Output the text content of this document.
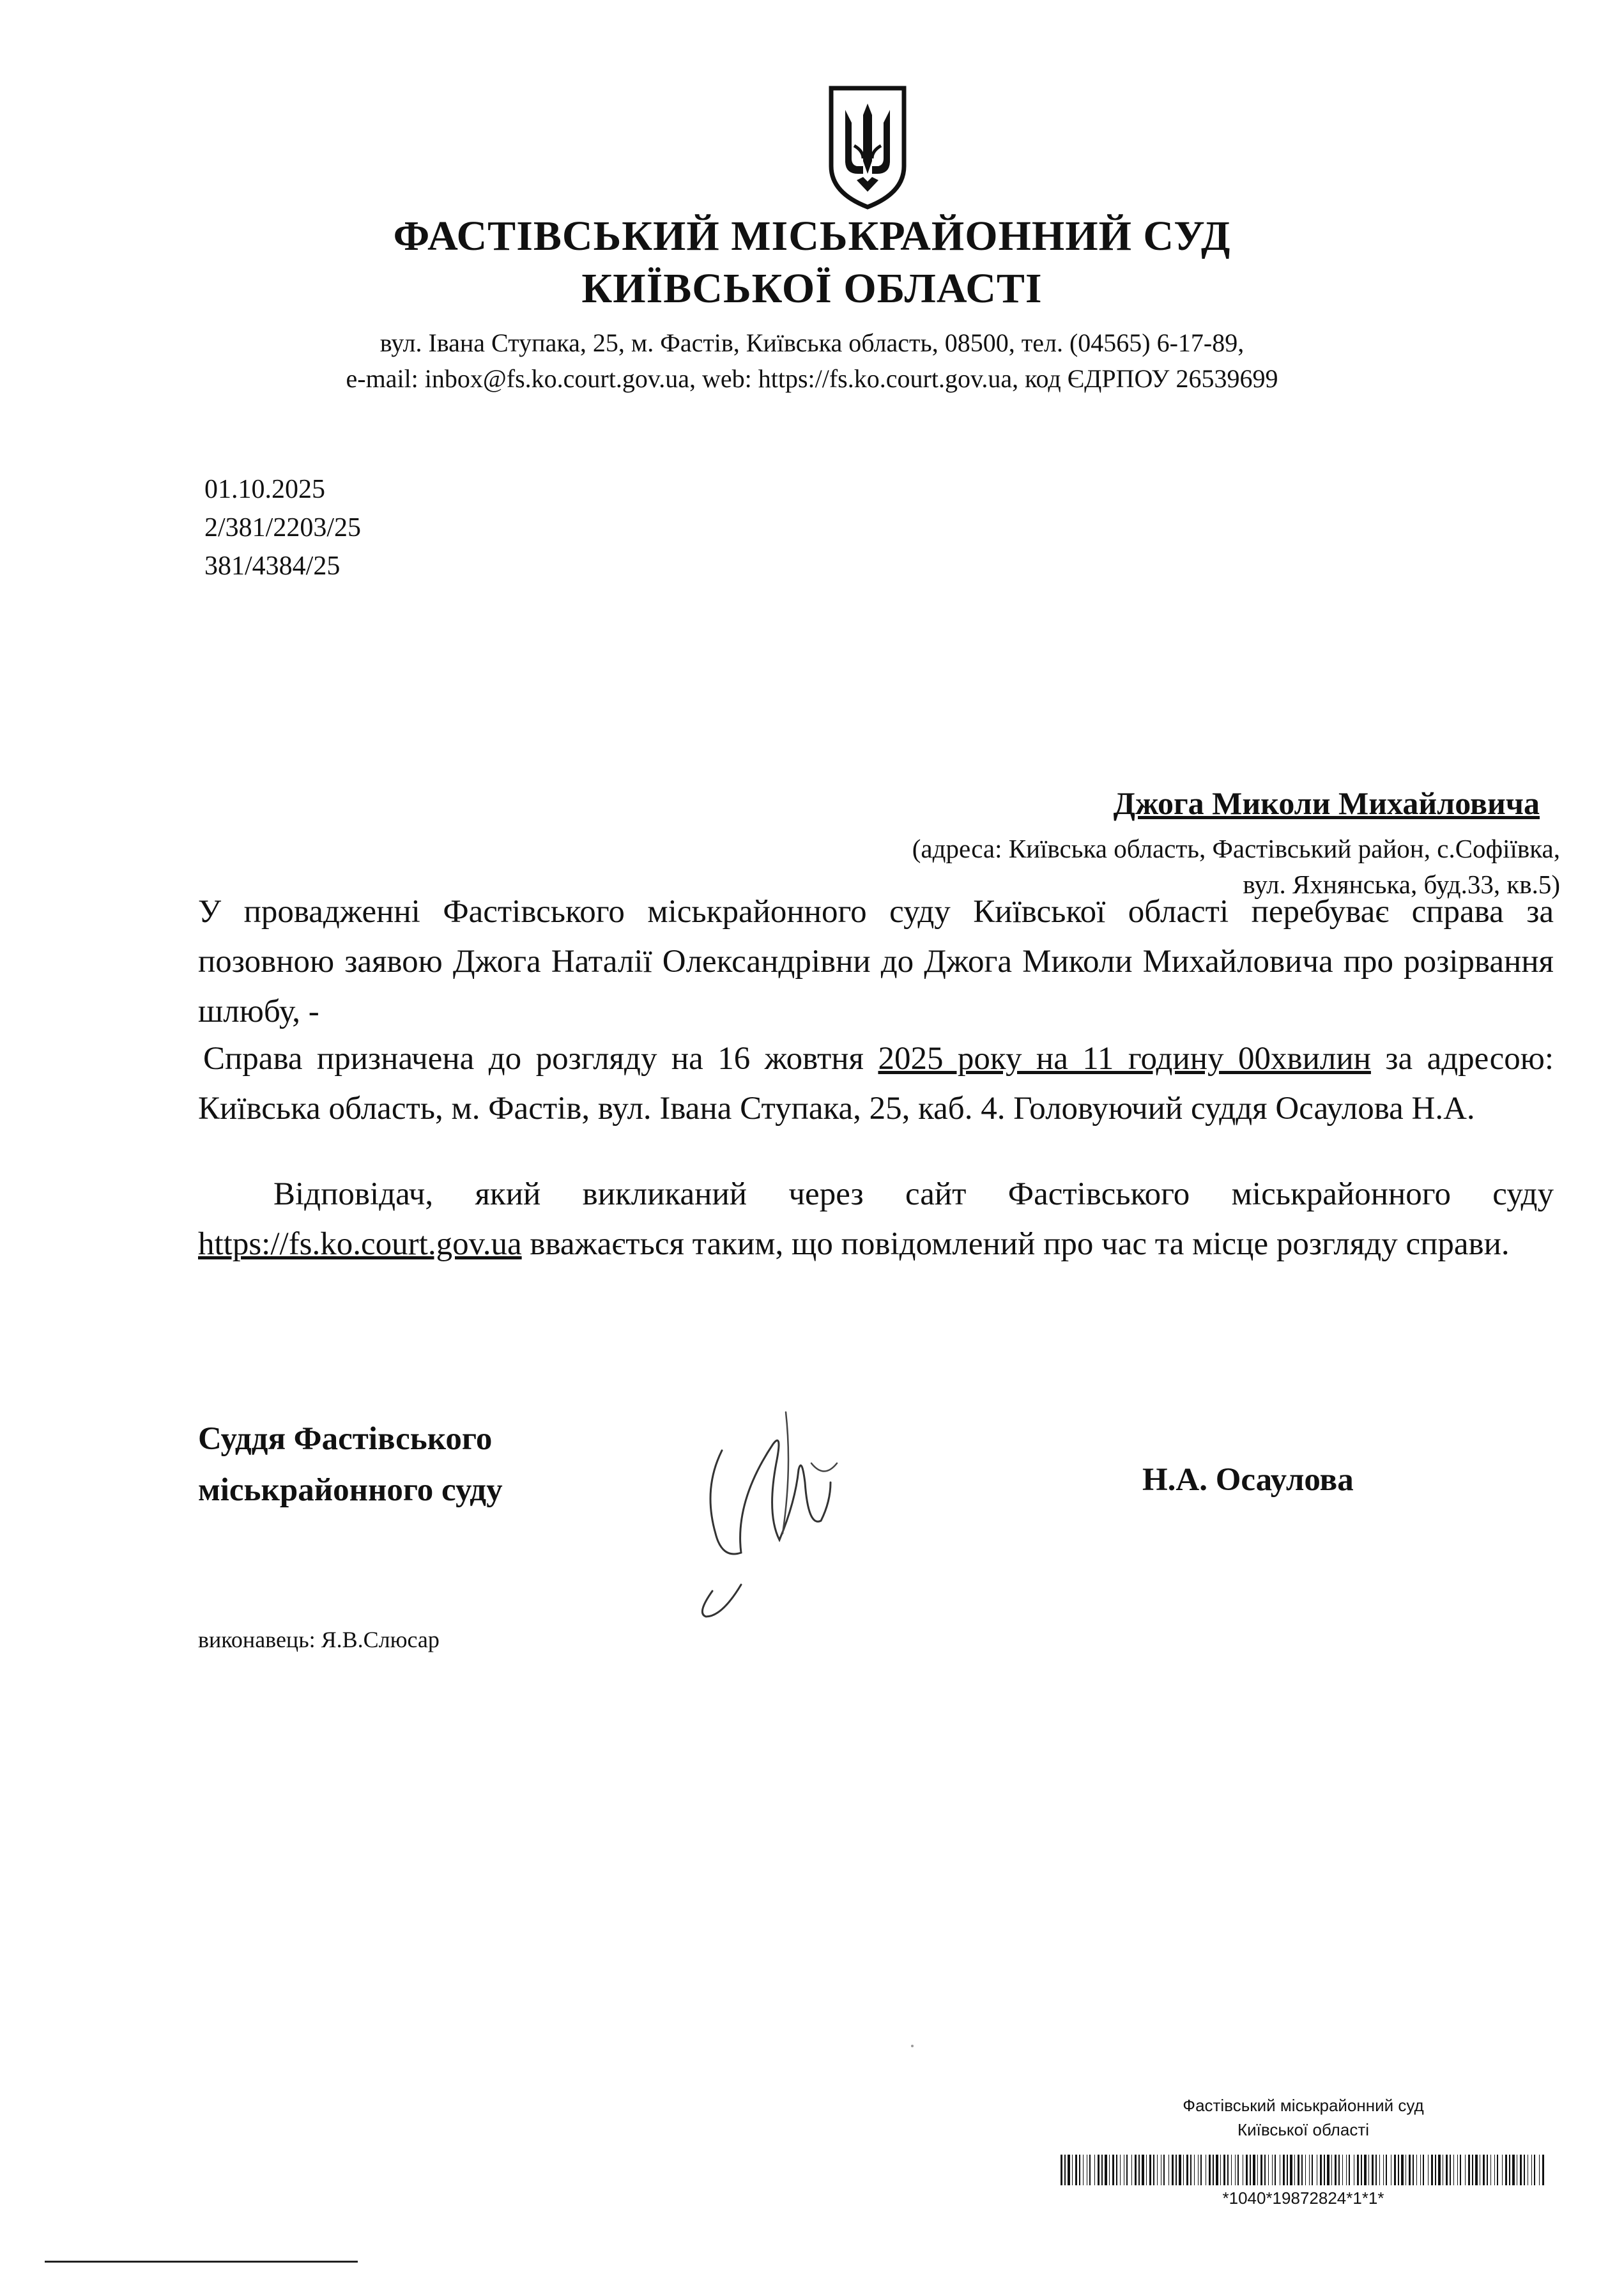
ФАСТІВСЬКИЙ МІСЬКРАЙОННИЙ СУД
КИЇВСЬКОЇ ОБЛАСТІ
вул. Івана Ступака, 25, м. Фастів, Київська область, 08500, тел. (04565) 6-17-89,
e-mail: inbox@fs.ko.court.gov.ua, web: https://fs.ko.court.gov.ua, код ЄДРПОУ 26539699
01.10.2025
2/381/2203/25
381/4384/25
Джога Миколи Михайловича
(адреса: Київська область, Фастівський район, с.Софіївка,
вул. Яхнянська, буд.33, кв.5)
У провадженні Фастівського міськрайонного суду Київської області перебуває справа за позовною заявою Джога Наталії Олександрівни до Джога Миколи Михайловича про розірвання шлюбу, -
Справа призначена до розгляду на 16 жовтня 2025 року на 11 годину 00хвилин за адресою: Київська область, м. Фастів, вул. Івана Ступака, 25, каб. 4. Головуючий суддя Осаулова Н.А.
Відповідач, який викликаний через сайт Фастівського міськрайонного суду https://fs.ko.court.gov.ua вважається таким, що повідомлений про час та місце розгляду справи.
Суддя Фастівського
міськрайонного суду	Н.А. Осаулова
виконавець: Я.В.Слюсар
Фастівський міськрайонний суд
Київської області
*1040*19872824*1*1*
